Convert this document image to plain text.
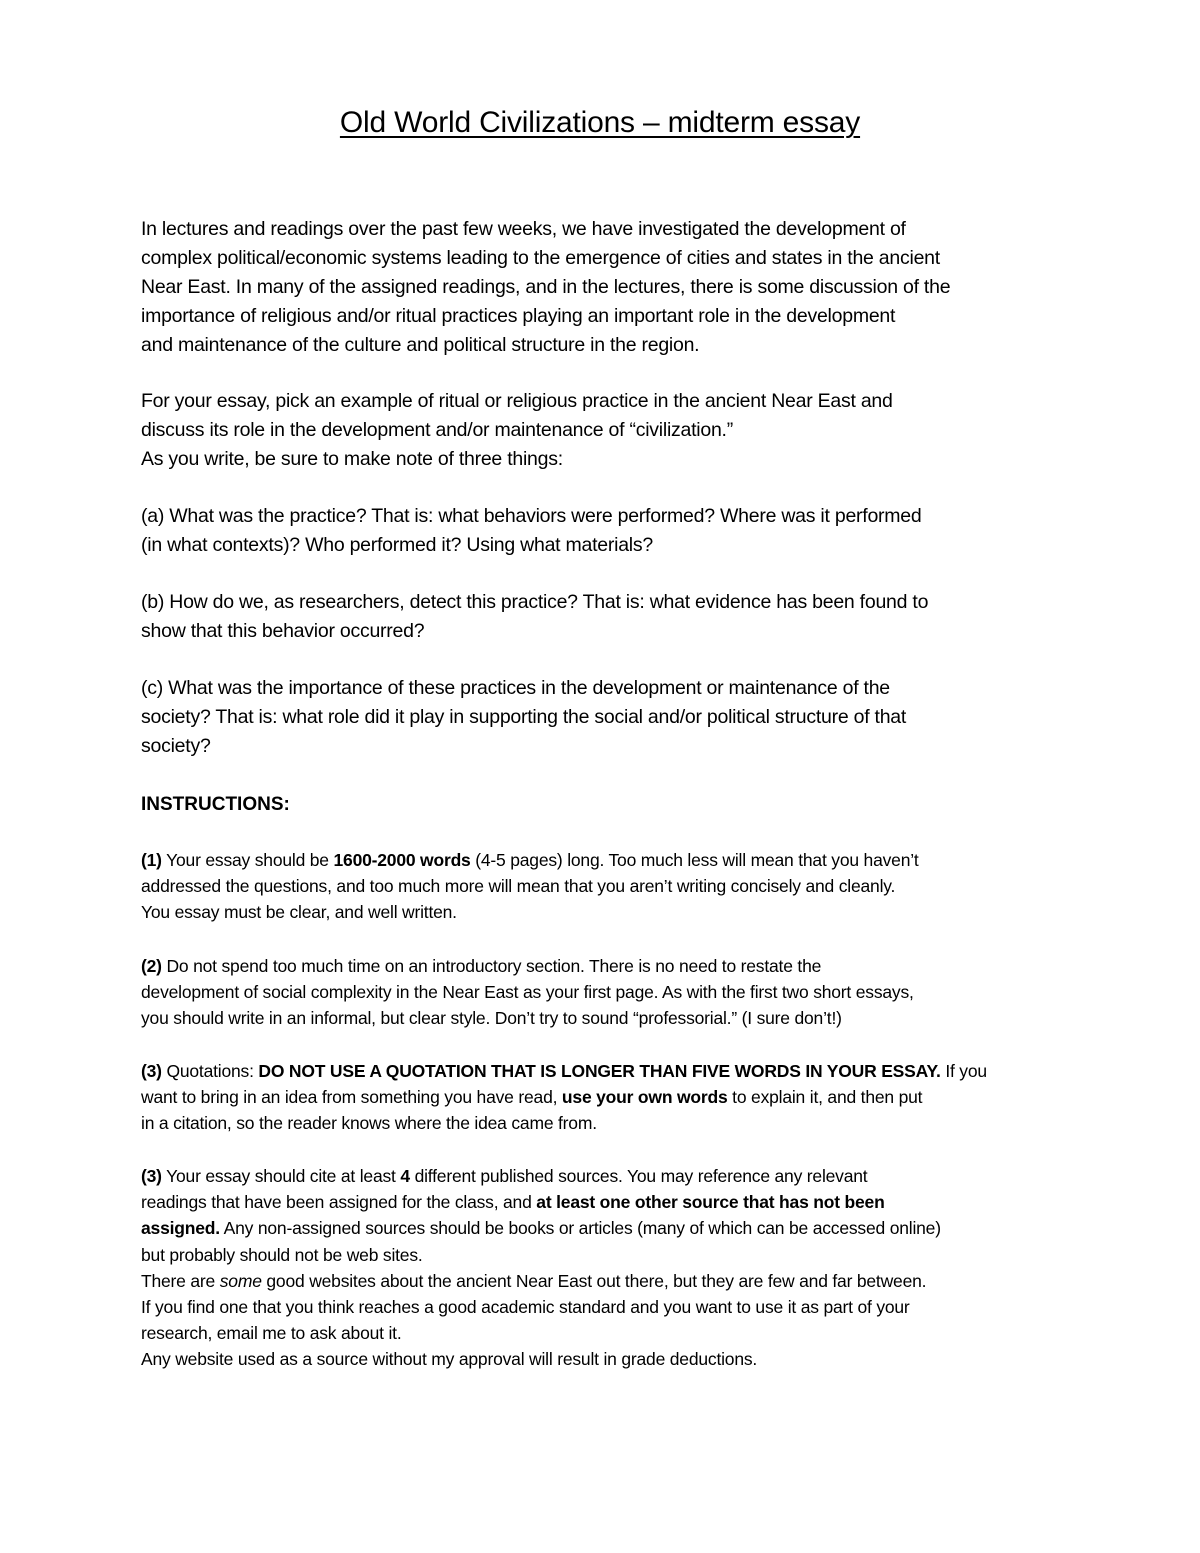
Old World Civilizations – midterm essay
In lectures and readings over the past few weeks, we have investigated the development of
complex political/economic systems leading to the emergence of cities and states in the ancient
Near East. In many of the assigned readings, and in the lectures, there is some discussion of the
importance of religious and/or ritual practices playing an important role in the development
and maintenance of the culture and political structure in the region.
For your essay, pick an example of ritual or religious practice in the ancient Near East and
discuss its role in the development and/or maintenance of “civilization.”
As you write, be sure to make note of three things:
(a) What was the practice? That is: what behaviors were performed? Where was it performed
(in what contexts)? Who performed it? Using what materials?
(b) How do we, as researchers, detect this practice? That is: what evidence has been found to
show that this behavior occurred?
(c) What was the importance of these practices in the development or maintenance of the
society? That is: what role did it play in supporting the social and/or political structure of that
society?
INSTRUCTIONS:
(1) Your essay should be 1600-2000 words (4-5 pages) long. Too much less will mean that you haven’t
addressed the questions, and too much more will mean that you aren’t writing concisely and cleanly.
You essay must be clear, and well written.
(2) Do not spend too much time on an introductory section. There is no need to restate the
development of social complexity in the Near East as your first page. As with the first two short essays,
you should write in an informal, but clear style. Don’t try to sound “professorial.” (I sure don’t!)
(3) Quotations: DO NOT USE A QUOTATION THAT IS LONGER THAN FIVE WORDS IN YOUR ESSAY. If you
want to bring in an idea from something you have read, use your own words to explain it, and then put
in a citation, so the reader knows where the idea came from.
(3) Your essay should cite at least 4 different published sources. You may reference any relevant
readings that have been assigned for the class, and at least one other source that has not been
assigned. Any non-assigned sources should be books or articles (many of which can be accessed online)
but probably should not be web sites.
There are some good websites about the ancient Near East out there, but they are few and far between.
If you find one that you think reaches a good academic standard and you want to use it as part of your
research, email me to ask about it.
Any website used as a source without my approval will result in grade deductions.
